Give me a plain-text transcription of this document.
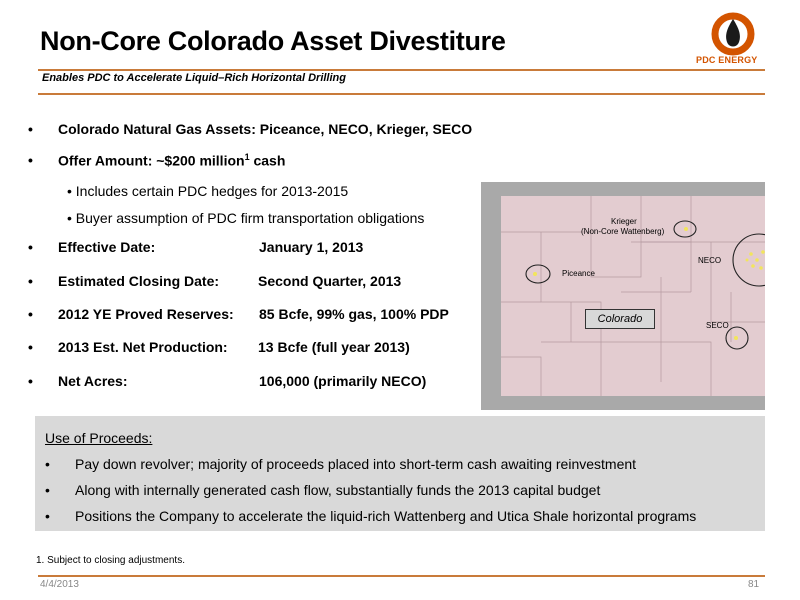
Non-Core Colorado Asset Divestiture
PDC ENERGY
Enables PDC to Accelerate Liquid–Rich Horizontal Drilling
• Colorado Natural Gas Assets: Piceance, NECO, Krieger, SECO
• Offer Amount: ~$200 million$^1$ cash
• Includes certain PDC hedges for 2013-2015
• Buyer assumption of PDC firm transportation obligations
• Effective Date:	January 1, 2013
• Estimated Closing Date:	Second Quarter, 2013
• 2012 YE Proved Reserves: 85 Bcfe, 99% gas, 100% PDP
• 2013 Est. Net Production: 13 Bcfe (full year 2013)
• Net Acres:	106,000 (primarily NECO)
Krieger
(Non-Core Wattenberg)
NECO
Piceance
SECO
Colorado
Use of Proceeds:
• Pay down revolver; majority of proceeds placed into short-term cash awaiting reinvestment
• Along with internally generated cash flow, substantially funds the 2013 capital budget
• Positions the Company to accelerate the liquid-rich Wattenberg and Utica Shale horizontal programs
1. Subject to closing adjustments.
4/4/2013	81
